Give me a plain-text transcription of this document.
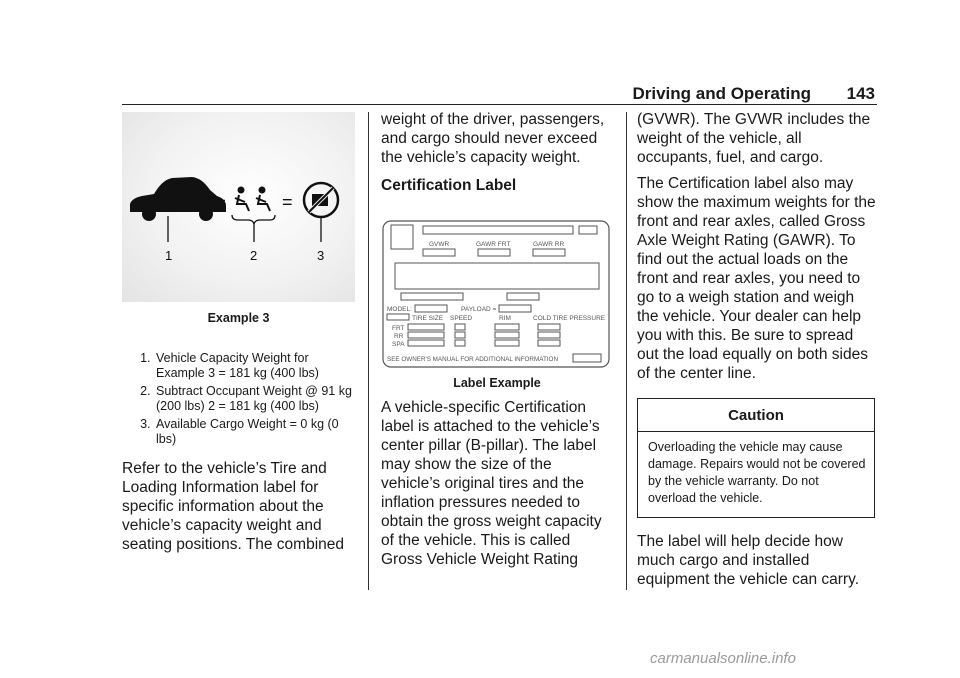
Driving and Operating 143
–	=
1	2	3
Example 3
1. Vehicle Capacity Weight for Example 3 = 181 kg (400 lbs)
2. Subtract Occupant Weight @ 91 kg (200 lbs) 2 = 181 kg (400 lbs)
3. Available Cargo Weight = 0 kg (0 lbs)

Refer to the vehicle’s Tire and Loading Information label for specific information about the vehicle’s capacity weight and seating positions. The combined

weight of the driver, passengers, and cargo should never exceed the vehicle’s capacity weight.

Certification Label
GVWR	GAWR FRT	GAWR RR
MODEL:	PAYLOAD =
TIRE SIZE SPEED	RIM	COLD TIRE PRESSURE
FRT
RR
SPA
SEE OWNER'S MANUAL FOR ADDITIONAL INFORMATION
Label Example

A vehicle-specific Certification label is attached to the vehicle’s center pillar (B-pillar). The label may show the size of the vehicle’s original tires and the inflation pressures needed to obtain the gross weight capacity of the vehicle. This is called Gross Vehicle Weight Rating

(GVWR). The GVWR includes the weight of the vehicle, all occupants, fuel, and cargo.

The Certification label also may show the maximum weights for the front and rear axles, called Gross Axle Weight Rating (GAWR). To find out the actual loads on the front and rear axles, you need to go to a weigh station and weigh the vehicle. Your dealer can help you with this. Be sure to spread out the load equally on both sides of the center line.

Caution
Overloading the vehicle may cause damage. Repairs would not be covered by the vehicle warranty. Do not overload the vehicle.

The label will help decide how much cargo and installed equipment the vehicle can carry.

carmanualsonline.info
